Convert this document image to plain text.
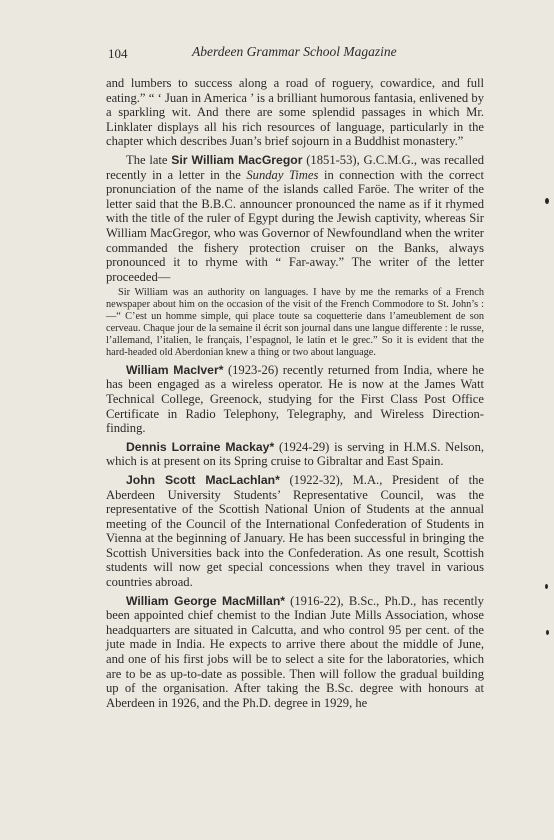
104	Aberdeen Grammar School Magazine

and lumbers to success along a road of roguery, cowardice, and full eating.” “ ‘ Juan in America ’ is a brilliant humorous fantasia, enlivened by a sparkling wit. And there are some splendid passages in which Mr. Linklater displays all his rich resources of language, particularly in the chapter which describes Juan’s brief sojourn in a Buddhist monastery.”

The late Sir William MacGregor (1851-53), G.C.M.G., was recalled recently in a letter in the Sunday Times in connection with the correct pronunciation of the name of the islands called Faröe. The writer of the letter said that the B.B.C. announcer pronounced the name as if it rhymed with the title of the ruler of Egypt during the Jewish captivity, whereas Sir William MacGregor, who was Governor of Newfoundland when the writer commanded the fishery protection cruiser on the Banks, always pronounced it to rhyme with “ Far-away.” The writer of the letter proceeded—

Sir William was an authority on languages. I have by me the remarks of a French newspaper about him on the occasion of the visit of the French Commodore to St. John’s :—“ C’est un homme simple, qui place toute sa coquetterie dans l’ameublement de son cerveau. Chaque jour de la semaine il écrit son journal dans une langue differente : le russe, l’allemand, l’italien, le français, l’espagnol, le latin et le grec.” So it is evident that the hard-headed old Aberdonian knew a thing or two about language.

William MacIver* (1923-26) recently returned from India, where he has been engaged as a wireless operator. He is now at the James Watt Technical College, Greenock, studying for the First Class Post Office Certificate in Radio Telephony, Telegraphy, and Wireless Direction-finding.

Dennis Lorraine Mackay* (1924-29) is serving in H.M.S. Nelson, which is at present on its Spring cruise to Gibraltar and East Spain.

John Scott MacLachlan* (1922-32), M.A., President of the Aberdeen University Students’ Representative Council, was the representative of the Scottish National Union of Students at the annual meeting of the Council of the International Confederation of Students in Vienna at the beginning of January. He has been successful in bringing the Scottish Universities back into the Confederation. As one result, Scottish students will now get special concessions when they travel in various countries abroad.

William George MacMillan* (1916-22), B.Sc., Ph.D., has recently been appointed chief chemist to the Indian Jute Mills Association, whose headquarters are situated in Calcutta, and who control 95 per cent. of the jute made in India. He expects to arrive there about the middle of June, and one of his first jobs will be to select a site for the laboratories, which are to be as up-to-date as possible. Then will follow the gradual building up of the organisation. After taking the B.Sc. degree with honours at Aberdeen in 1926, and the Ph.D. degree in 1929, he
